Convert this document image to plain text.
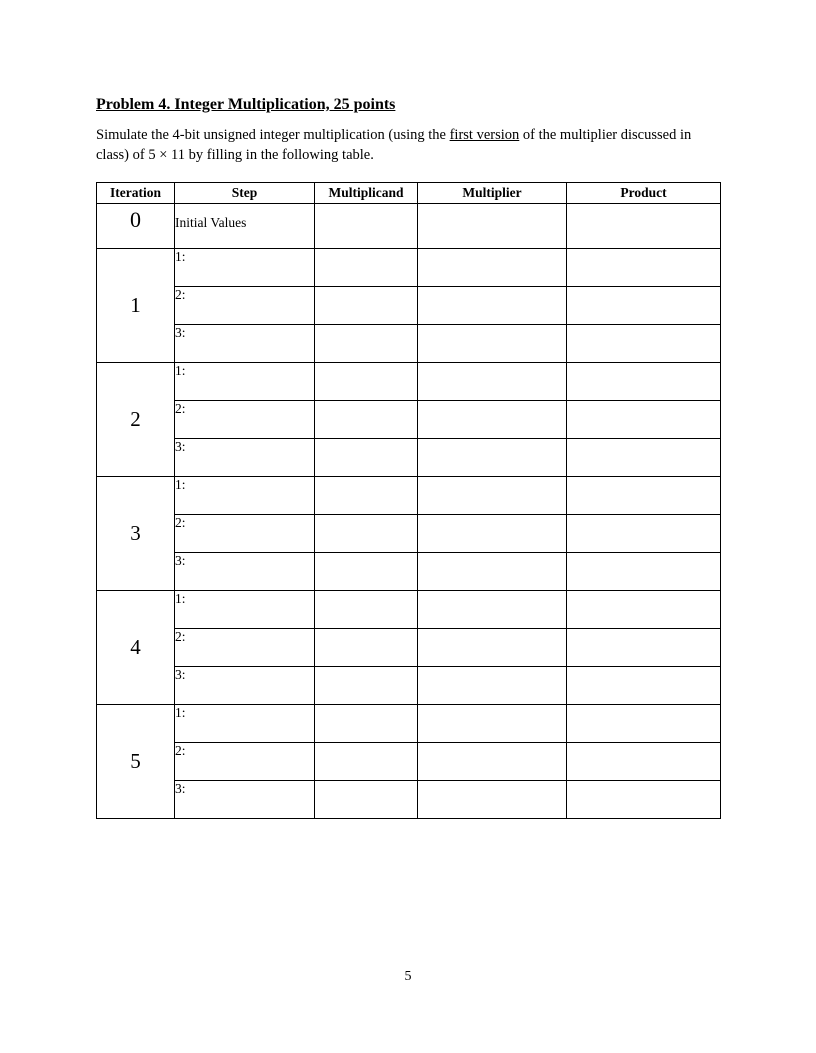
Problem 4. Integer Multiplication, 25 points

Simulate the 4-bit unsigned integer multiplication (using the first version of the multiplier discussed in class) of 5 × 11 by filling in the following table.

Iteration	Step	Multiplicand	Multiplier	Product
0	Initial Values			
1	1:			
	2:			
	3:			
2	1:			
	2:			
	3:			
3	1:			
	2:			
	3:			
4	1:			
	2:			
	3:			
5	1:			
	2:			
	3:			
5
